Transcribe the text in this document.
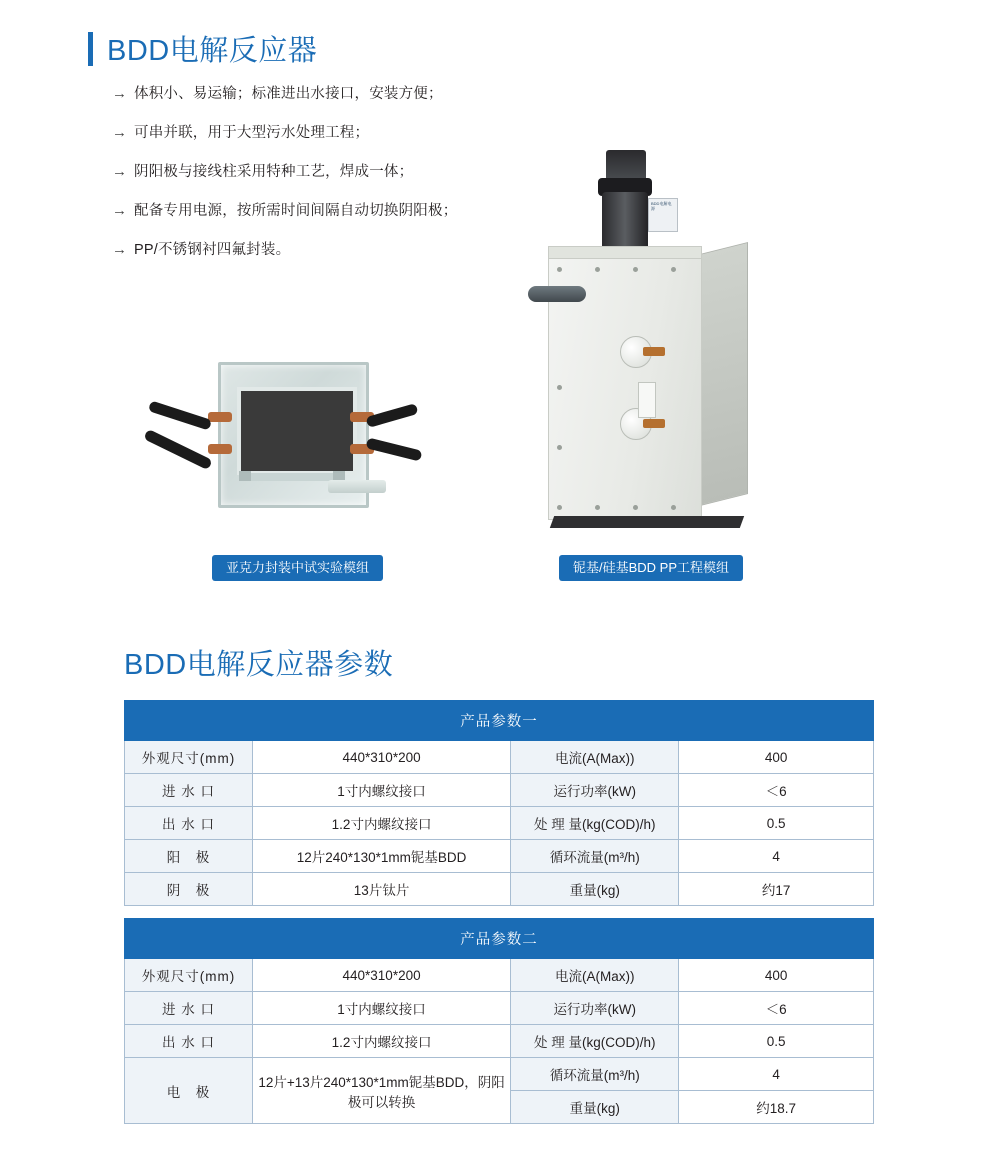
BDD电解反应器
→ 体积小、易运输；标准进出水接口，安装方便；
→ 可串并联，用于大型污水处理工程；
→ 阴阳极与接线柱采用特种工艺，焊成一体；
→ 配备专用电源，按所需时间间隔自动切换阴阳极；
→ PP/不锈钢衬四氟封装。
BDD电解电源
亚克力封装中试实验模组	铌基/硅基BDD PP工程模组
BDD电解反应器参数
产品参数一			
外观尺寸(mm)	440*310*200	电流(A(Max))	400
进 水 口	1寸内螺纹接口	运行功率(kW)	＜6
出 水 口	1.2寸内螺纹接口	处 理 量(kg(COD)/h)	0.5
阳　极	12片240*130*1mm铌基BDD	循环流量(m³/h)	4
阴　极	13片钛片	重量(kg)	约17
产品参数二			
外观尺寸(mm)	440*310*200	电流(A(Max))	400
进 水 口	1寸内螺纹接口	运行功率(kW)	＜6
出 水 口	1.2寸内螺纹接口	处 理 量(kg(COD)/h)	0.5
电　极	12片+13片240*130*1mm铌基BDD，阴阳极可以转换	循环流量(m³/h)	4
		重量(kg)	约18.7
